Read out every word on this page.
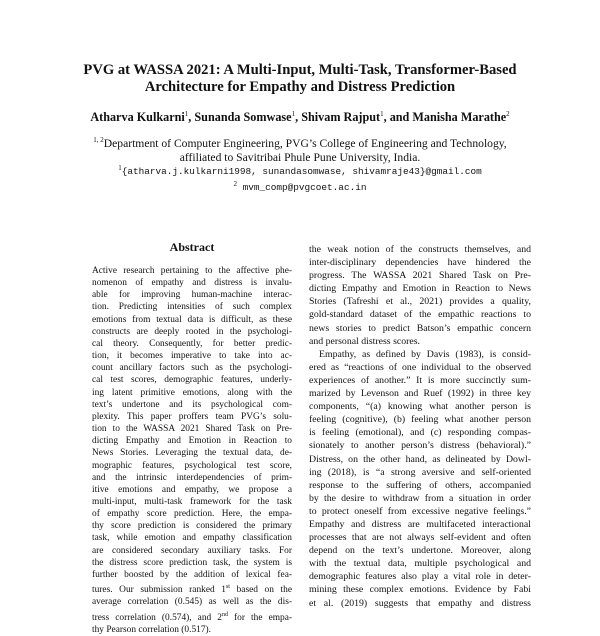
PVG at WASSA 2021: A Multi-Input, Multi-Task, Transformer-Based
Architecture for Empathy and Distress Prediction
Atharva Kulkarni$^1$, Sunanda Somwase$^1$, Shivam Rajput$^1$, and Manisha Marathe$^2$
$^{1, 2}$Department of Computer Engineering, PVG’s College of Engineering and Technology,
affiliated to Savitribai Phule Pune University, India.
$^1${atharva.j.kulkarni1998, sunandasomwase, shivamraje43}@gmail.com
$^2$ mvm_comp@pvgcoet.ac.in
Abstract
Active research pertaining to the affective phe-
nomenon of empathy and distress is invalu-
able for improving human-machine interac-
tion. Predicting intensities of such complex
emotions from textual data is difficult, as these
constructs are deeply rooted in the psychologi-
cal theory. Consequently, for better predic-
tion, it becomes imperative to take into ac-
count ancillary factors such as the psychologi-
cal test scores, demographic features, underly-
ing latent primitive emotions, along with the
text’s undertone and its psychological com-
plexity. This paper proffers team PVG’s solu-
tion to the WASSA 2021 Shared Task on Pre-
dicting Empathy and Emotion in Reaction to
News Stories. Leveraging the textual data, de-
mographic features, psychological test score,
and the intrinsic interdependencies of prim-
itive emotions and empathy, we propose a
multi-input, multi-task framework for the task
of empathy score prediction. Here, the empa-
thy score prediction is considered the primary
task, while emotion and empathy classification
are considered secondary auxiliary tasks. For
the distress score prediction task, the system is
further boosted by the addition of lexical fea-
tures. Our submission ranked 1st based on the
average correlation (0.545) as well as the dis-
tress correlation (0.574), and 2nd for the empa-
thy Pearson correlation (0.517).
the weak notion of the constructs themselves, and
inter-disciplinary dependencies have hindered the
progress. The WASSA 2021 Shared Task on Pre-
dicting Empathy and Emotion in Reaction to News
Stories (Tafreshi et al., 2021) provides a quality,
gold-standard dataset of the empathic reactions to
news stories to predict Batson’s empathic concern
and personal distress scores.
Empathy, as defined by Davis (1983), is consid-
ered as “reactions of one individual to the observed
experiences of another.” It is more succinctly sum-
marized by Levenson and Ruef (1992) in three key
components, “(a) knowing what another person is
feeling (cognitive), (b) feeling what another person
is feeling (emotional), and (c) responding compas-
sionately to another person’s distress (behavioral).”
Distress, on the other hand, as delineated by Dowl-
ing (2018), is “a strong aversive and self-oriented
response to the suffering of others, accompanied
by the desire to withdraw from a situation in order
to protect oneself from excessive negative feelings.”
Empathy and distress are multifaceted interactional
processes that are not always self-evident and often
depend on the text’s undertone. Moreover, along
with the textual data, multiple psychological and
demographic features also play a vital role in deter-
mining these complex emotions. Evidence by Fabi
et al. (2019) suggests that empathy and distress
